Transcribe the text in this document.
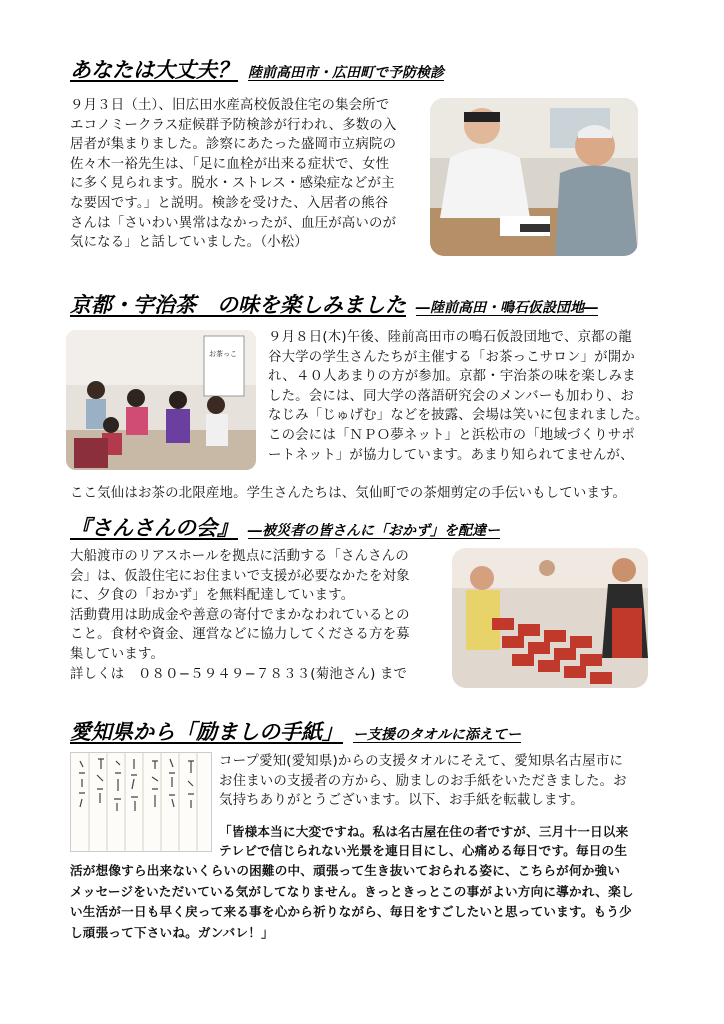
あなたは大丈夫？ 陸前高田市・広田町で予防検診
９月３日（土）、旧広田水産高校仮設住宅の集会所で
エコノミークラス症候群予防検診が行われ、多数の入
居者が集まりました。診察にあたった盛岡市立病院の
佐々木一裕先生は、「足に血栓が出来る症状で、女性
に多く見られます。脱水・ストレス・感染症などが主
な要因です。」と説明。検診を受けた、入居者の熊谷
さんは「さいわい異常はなかったが、血圧が高いのが
気になる」と話していました。（小松）
京都・宇治茶　の味を楽しみました ―陸前高田・鳴石仮設団地―
お茶っこ
９月８日(木)午後、陸前高田市の鳴石仮設団地で、京都の龍
谷大学の学生さんたちが主催する「お茶っこサロン」が開か
れ、４０人あまりの方が参加。京都・宇治茶の味を楽しみま
した。会には、同大学の落語研究会のメンバーも加わり、お
なじみ「じゅげむ」などを披露、会場は笑いに包まれました。
この会には「ＮＰＯ夢ネット」と浜松市の「地域づくりサポ
ートネット」が協力しています。あまり知られてませんが、
ここ気仙はお茶の北限産地。学生さんたちは、気仙町での茶畑剪定の手伝いもしています。
『さんさんの会』 ―被災者の皆さんに「おかず」を配達ー
大船渡市のリアスホールを拠点に活動する「さんさんの
会」は、仮設住宅にお住まいで支援が必要なかたを対象
に、夕食の「おかず」を無料配達しています。
活動費用は助成金や善意の寄付でまかなわれているとの
こと。食材や資金、運営などに協力してくださる方を募
集しています。
詳しくは　０８０−５９４９−７８３３(菊池さん) まで
愛知県から「励ましの手紙」 ー支援のタオルに添えてー
コープ愛知(愛知県)からの支援タオルにそえて、愛知県名古屋市に
お住まいの支援者の方から、励ましのお手紙をいただきました。お
気持ちありがとうございます。以下、お手紙を転載します。
「皆様本当に大変ですね。私は名古屋在住の者ですが、三月十一日以来
テレビで信じられない光景を連日目にし、心痛める毎日です。毎日の生
活が想像すら出来ないくらいの困難の中、頑張って生き抜いておられる姿に、こちらが何か強い
メッセージをいただいている気がしてなりません。きっときっとこの事がよい方向に導かれ、楽し
い生活が一日も早く戻って来る事を心から祈りながら、毎日をすごしたいと思っています。もう少
し頑張って下さいね。ガンバレ！」
